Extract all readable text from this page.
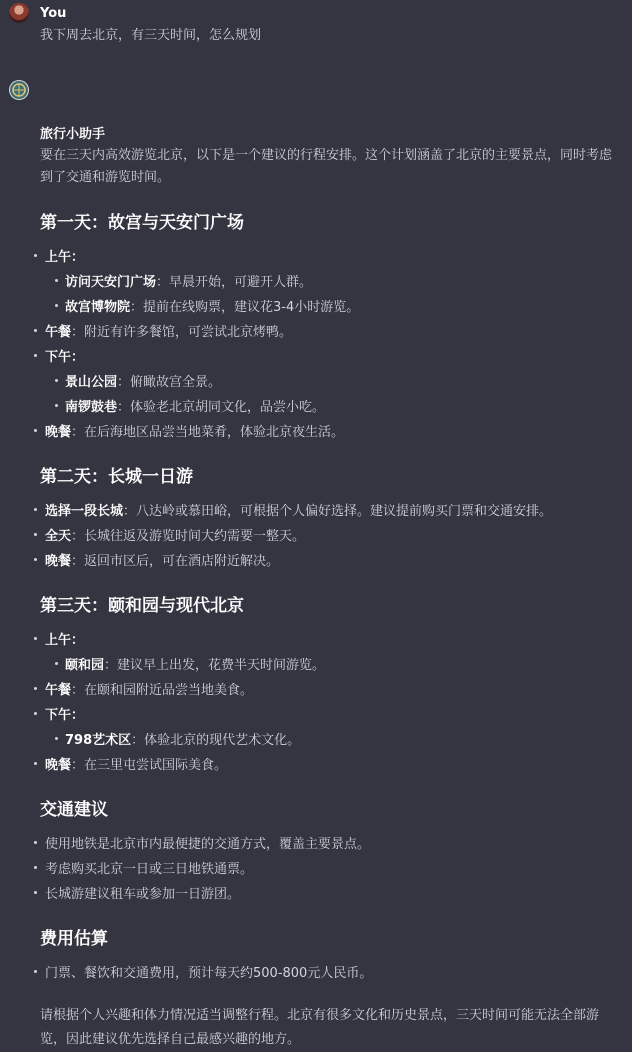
You
我下周去北京，有三天时间，怎么规划
旅行小助手
要在三天内高效游览北京，以下是一个建议的行程安排。这个计划涵盖了北京的主要景点，同时考虑到了交通和游览时间。
第一天：故宫与天安门广场
上午：
访问天安门广场：早晨开始，可避开人群。
故宫博物院：提前在线购票，建议花3-4小时游览。
午餐：附近有许多餐馆，可尝试北京烤鸭。
下午：
景山公园：俯瞰故宫全景。
南锣鼓巷：体验老北京胡同文化，品尝小吃。
晚餐：在后海地区品尝当地菜肴，体验北京夜生活。
第二天：长城一日游
选择一段长城：八达岭或慕田峪，可根据个人偏好选择。建议提前购买门票和交通安排。
全天：长城往返及游览时间大约需要一整天。
晚餐：返回市区后，可在酒店附近解决。
第三天：颐和园与现代北京
上午：
颐和园：建议早上出发，花费半天时间游览。
午餐：在颐和园附近品尝当地美食。
下午：
798艺术区：体验北京的现代艺术文化。
晚餐：在三里屯尝试国际美食。
交通建议
使用地铁是北京市内最便捷的交通方式，覆盖主要景点。
考虑购买北京一日或三日地铁通票。
长城游建议租车或参加一日游团。
费用估算
门票、餐饮和交通费用，预计每天约500-800元人民币。
请根据个人兴趣和体力情况适当调整行程。北京有很多文化和历史景点，三天时间可能无法全部游览，因此建议优先选择自己最感兴趣的地方。
